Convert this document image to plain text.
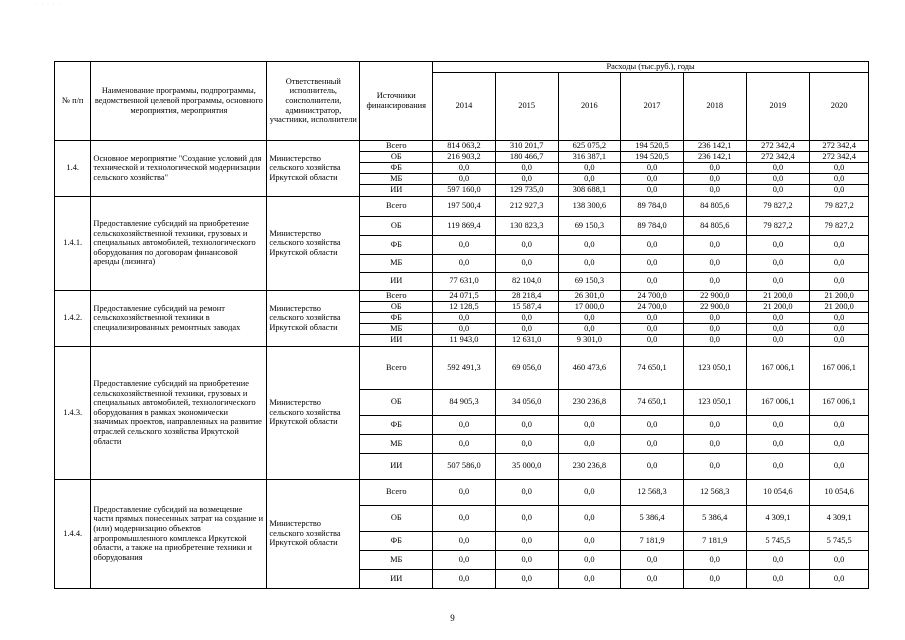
· · · · ·
№ п/п	Наименование программы, подпрограммы, ведомственной целевой программы, основного мероприятия, мероприятия	Ответственный исполнитель, соисполнители, администратор, участники, исполнители	Источники финансирования	Расходы (тыс.руб.), годы						
				2014	2015	2016	2017	2018	2019	2020
1.4.	Основное мероприятие "Создание условий для технической и технологической модернизации сельского хозяйства"	Министерство сельского хозяйства Иркутской области	Всего	814 063,2	310 201,7	625 075,2	194 520,5	236 142,1	272 342,4	272 342,4
			ОБ	216 903,2	180 466,7	316 387,1	194 520,5	236 142,1	272 342,4	272 342,4
			ФБ	0,0	0,0	0,0	0,0	0,0	0,0	0,0
			МБ	0,0	0,0	0,0	0,0	0,0	0,0	0,0
			ИИ	597 160,0	129 735,0	308 688,1	0,0	0,0	0,0	0,0
1.4.1.	Предоставление субсидий на приобретение сельскохозяйственной техники, грузовых и специальных автомобилей, технологического оборудования по договорам финансовой аренды (лизинга)	Министерство сельского хозяйства Иркутской области	Всего	197 500,4	212 927,3	138 300,6	89 784,0	84 805,6	79 827,2	79 827,2
			ОБ	119 869,4	130 823,3	69 150,3	89 784,0	84 805,6	79 827,2	79 827,2
			ФБ	0,0	0,0	0,0	0,0	0,0	0,0	0,0
			МБ	0,0	0,0	0,0	0,0	0,0	0,0	0,0
			ИИ	77 631,0	82 104,0	69 150,3	0,0	0,0	0,0	0,0
1.4.2.	Предоставление субсидий на ремонт сельскохозяйственной техники в специализированных ремонтных заводах	Министерство сельского хозяйства Иркутской области	Всего	24 071,5	28 218,4	26 301,0	24 700,0	22 900,0	21 200,0	21 200,0
			ОБ	12 128,5	15 587,4	17 000,0	24 700,0	22 900,0	21 200,0	21 200,0
			ФБ	0,0	0,0	0,0	0,0	0,0	0,0	0,0
			МБ	0,0	0,0	0,0	0,0	0,0	0,0	0,0
			ИИ	11 943,0	12 631,0	9 301,0	0,0	0,0	0,0	0,0
1.4.3.	Предоставление субсидий на приобретение сельскохозяйственной техники, грузовых и специальных автомобилей, технологического оборудования в рамках экономически значимых проектов, направленных на развитие отраслей сельского хозяйства Иркутской области	Министерство сельского хозяйства Иркутской области	Всего	592 491,3	69 056,0	460 473,6	74 650,1	123 050,1	167 006,1	167 006,1
			ОБ	84 905,3	34 056,0	230 236,8	74 650,1	123 050,1	167 006,1	167 006,1
			ФБ	0,0	0,0	0,0	0,0	0,0	0,0	0,0
			МБ	0,0	0,0	0,0	0,0	0,0	0,0	0,0
			ИИ	507 586,0	35 000,0	230 236,8	0,0	0,0	0,0	0,0
1.4.4.	Предоставление субсидий на возмещение части прямых понесенных затрат на создание и (или) модернизацию объектов агропромышленного комплекса Иркутской области, а также на приобретение техники и оборудования	Министерство сельского хозяйства Иркутской области	Всего	0,0	0,0	0,0	12 568,3	12 568,3	10 054,6	10 054,6
			ОБ	0,0	0,0	0,0	5 386,4	5 386,4	4 309,1	4 309,1
			ФБ	0,0	0,0	0,0	7 181,9	7 181,9	5 745,5	5 745,5
			МБ	0,0	0,0	0,0	0,0	0,0	0,0	0,0
			ИИ	0,0	0,0	0,0	0,0	0,0	0,0	0,0
9
